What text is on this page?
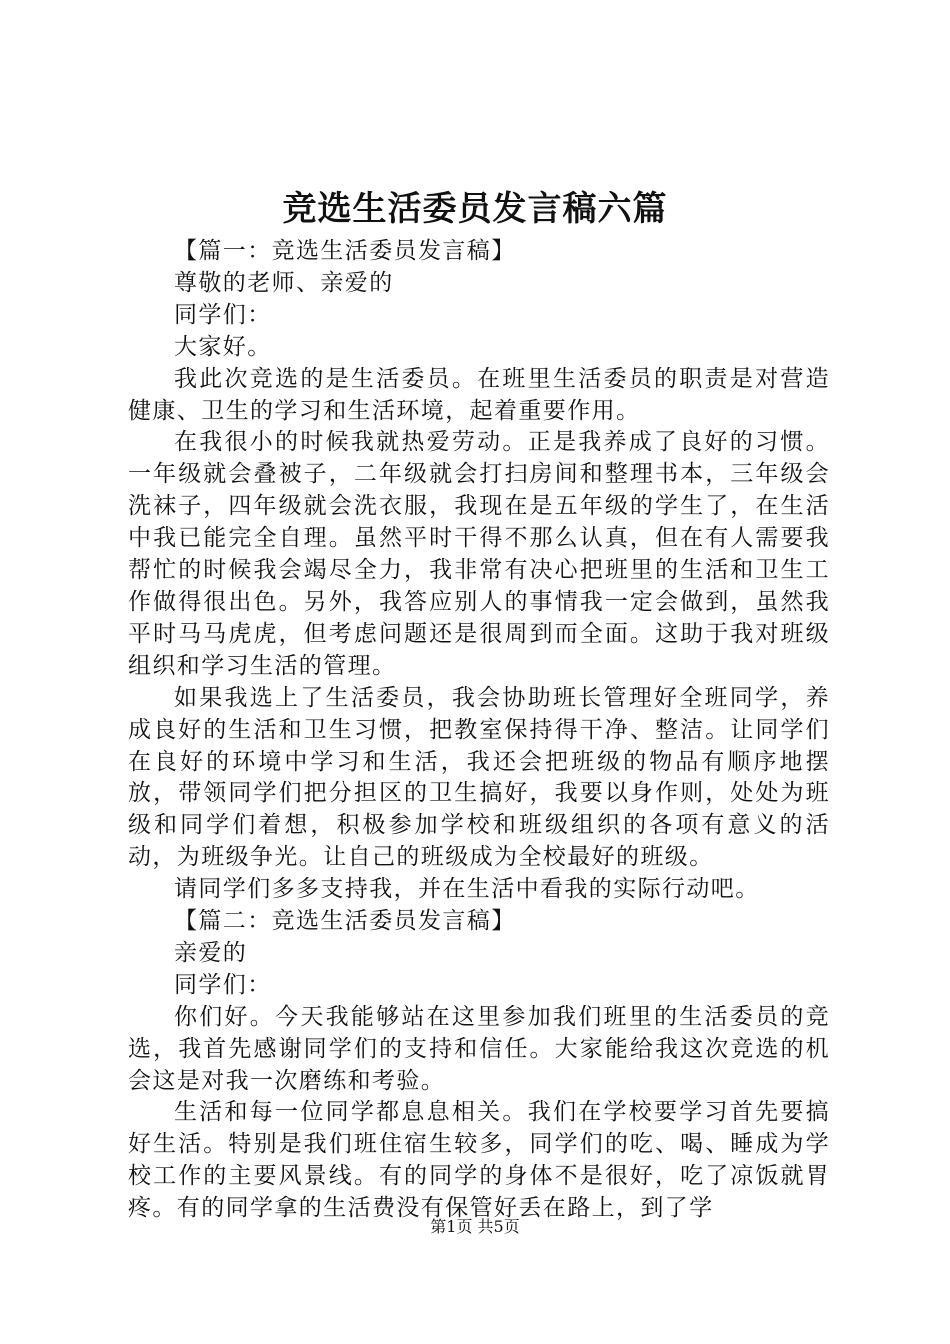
竞选生活委员发言稿六篇

【篇一：竞选生活委员发言稿】

尊敬的老师、亲爱的

同学们：

大家好。

我此次竞选的是生活委员。在班里生活委员的职责是对营造健康、卫生的学习和生活环境，起着重要作用。

在我很小的时候我就热爱劳动。正是我养成了良好的习惯。一年级就会叠被子，二年级就会打扫房间和整理书本，三年级会洗袜子，四年级就会洗衣服，我现在是五年级的学生了，在生活中我已能完全自理。虽然平时干得不那么认真，但在有人需要我帮忙的时候我会竭尽全力，我非常有决心把班里的生活和卫生工作做得很出色。另外，我答应别人的事情我一定会做到，虽然我平时马马虎虎，但考虑问题还是很周到而全面。这助于我对班级组织和学习生活的管理。

如果我选上了生活委员，我会协助班长管理好全班同学，养成良好的生活和卫生习惯，把教室保持得干净、整洁。让同学们在良好的环境中学习和生活，我还会把班级的物品有顺序地摆放，带领同学们把分担区的卫生搞好，我要以身作则，处处为班级和同学们着想，积极参加学校和班级组织的各项有意义的活动，为班级争光。让自己的班级成为全校最好的班级。

请同学们多多支持我，并在生活中看我的实际行动吧。

【篇二：竞选生活委员发言稿】

亲爱的

同学们：

你们好。今天我能够站在这里参加我们班里的生活委员的竞选，我首先感谢同学们的支持和信任。大家能给我这次竞选的机会这是对我一次磨练和考验。

生活和每一位同学都息息相关。我们在学校要学习首先要搞好生活。特别是我们班住宿生较多，同学们的吃、喝、睡成为学校工作的主要风景线。有的同学的身体不是很好，吃了凉饭就胃疼。有的同学拿的生活费没有保管好丢在路上，到了学

第1页 共5页
